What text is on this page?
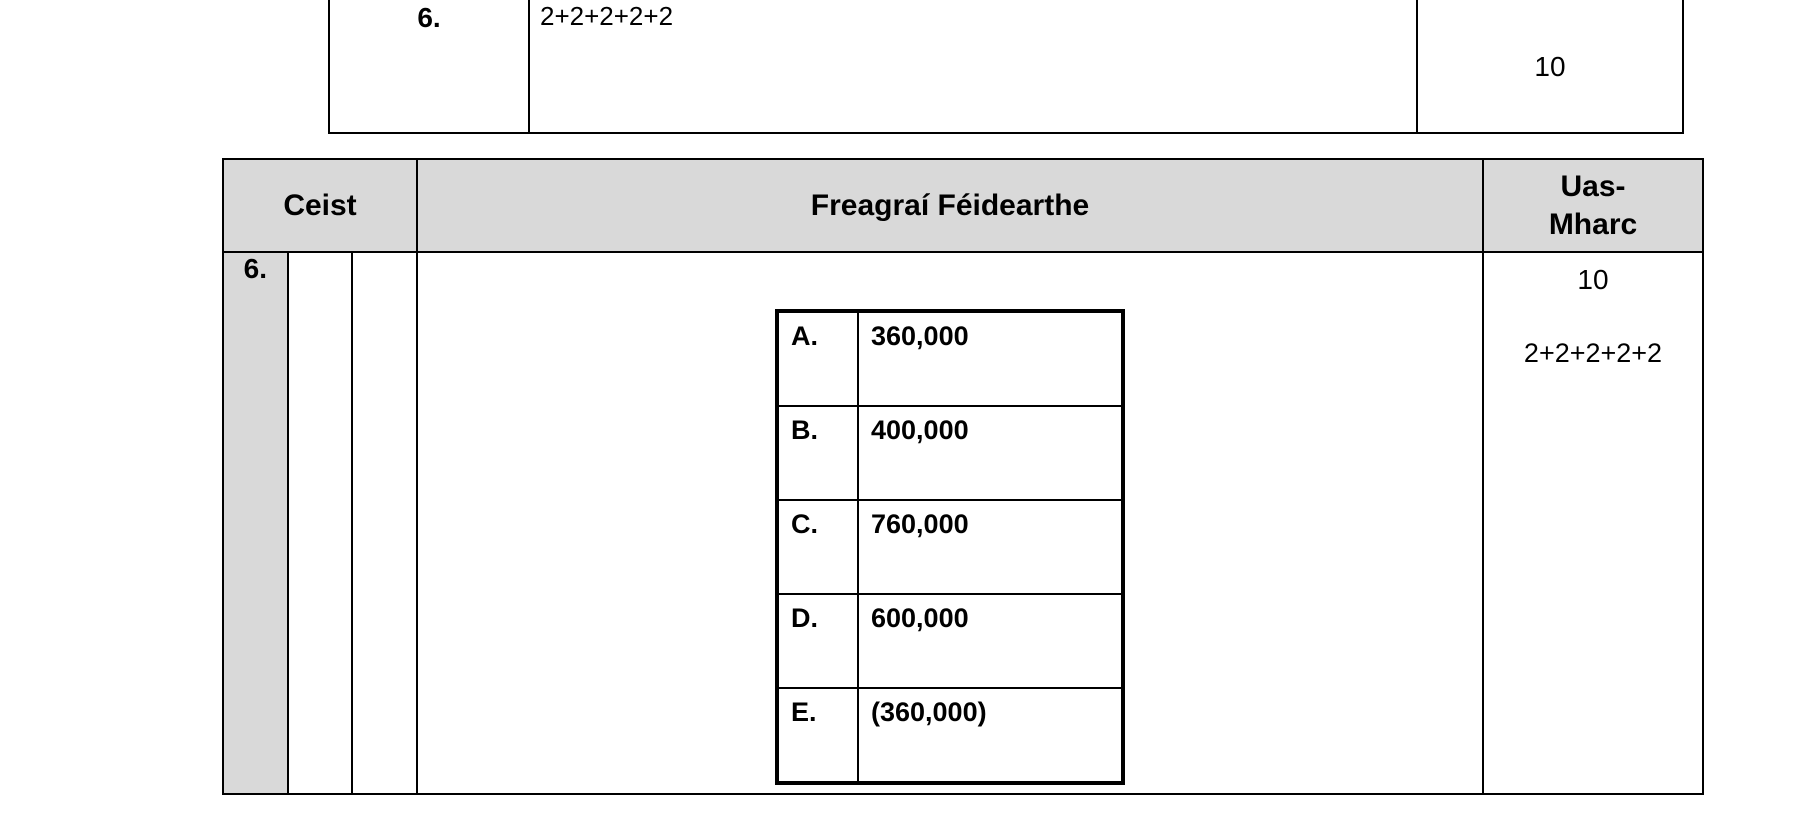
6.	2+2+2+2+2	10
Ceist	Freagraí Féidearthe	Uas-
Mharc
6.			
A.	360,000
B.	400,000
C.	760,000
D.	600,000
E.	(360,000)

10
2+2+2+2+2
